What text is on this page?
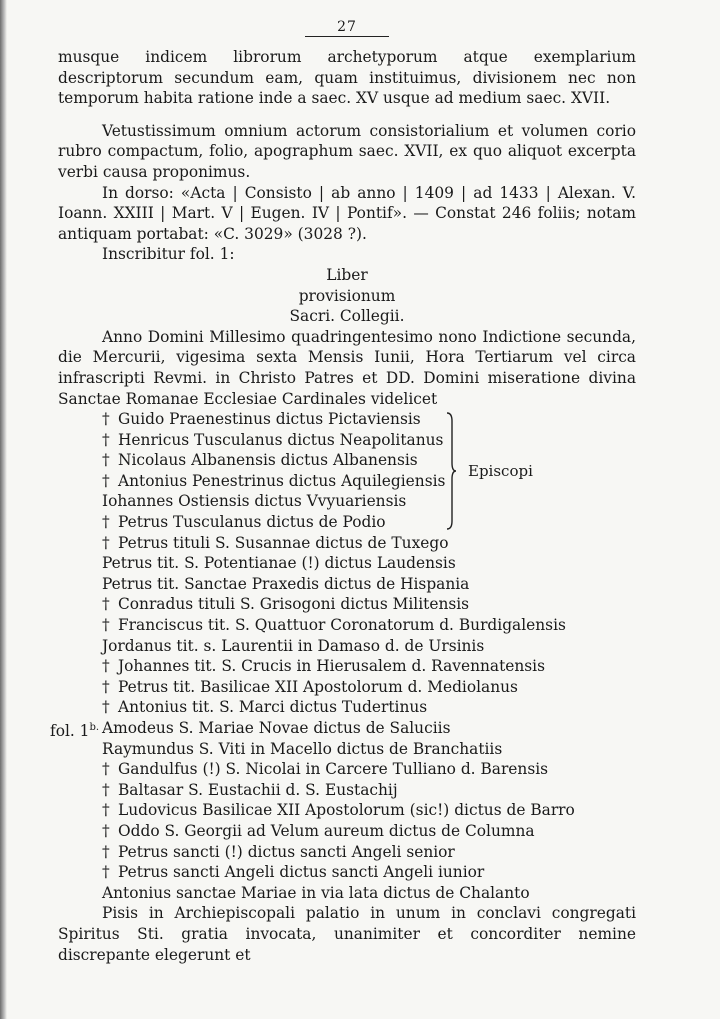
27

musque indicem librorum archetyporum atque exemplarium descriptorum secundum eam, quam instituimus, divisionem nec non temporum habita ratione inde a saec. XV usque ad medium saec. XVII.

Vetustissimum omnium actorum consistorialium et volumen corio rubro compactum, folio, apographum saec. XVII, ex quo aliquot excerpta verbi causa proponimus.

In dorso: «Acta | Consisto | ab anno | 1409 | ad 1433 | Alexan. V. Ioann. XXIII | Mart. V | Eugen. IV | Pontif». — Constat 246 foliis; notam antiquam portabat: «C. 3029» (3028 ?).

Inscribitur fol. 1:

Liber

provisionum

Sacri. Collegii.

Anno Domini Millesimo quadringentesimo nono Indictione secunda, die Mercurii, vigesima sexta Mensis Iunii, Hora Tertiarum vel circa infrascripti Revmi. in Christo Patres et DD. Domini miseratione divina Sanctae Romanae Ecclesiae Cardinales videlicet

Episcopi
† Guido Praenestinus dictus Pictaviensis
† Henricus Tusculanus dictus Neapolitanus
† Nicolaus Albanensis dictus Albanensis
† Antonius Penestrinus dictus Aquilegiensis
Iohannes Ostiensis dictus Vvyuariensis
† Petrus Tusculanus dictus de Podio
† Petrus tituli S. Susannae dictus de Tuxego
Petrus tit. S. Potentianae (!) dictus Laudensis
Petrus tit. Sanctae Praxedis dictus de Hispania
† Conradus tituli S. Grisogoni dictus Militensis
† Franciscus tit. S. Quattuor Coronatorum d. Burdigalensis
Jordanus tit. s. Laurentii in Damaso d. de Ursinis
† Johannes tit. S. Crucis in Hierusalem d. Ravennatensis
† Petrus tit. Basilicae XII Apostolorum d. Mediolanus
† Antonius tit. S. Marci dictus Tudertinus
fol. $1^{b.}$ Amodeus S. Mariae Novae dictus de Saluciis
Raymundus S. Viti in Macello dictus de Branchatiis
† Gandulfus (!) S. Nicolai in Carcere Tulliano d. Barensis
† Baltasar S. Eustachii d. S. Eustachij
† Ludovicus Basilicae XII Apostolorum (sic!) dictus de Barro
† Oddo S. Georgii ad Velum aureum dictus de Columna
† Petrus sancti (!) dictus sancti Angeli senior
† Petrus sancti Angeli dictus sancti Angeli iunior
Antonius sanctae Mariae in via lata dictus de Chalanto

Pisis in Archiepiscopali palatio in unum in conclavi congregati Spiritus Sti. gratia invocata, unanimiter et concorditer nemine discrepante elegerunt et
